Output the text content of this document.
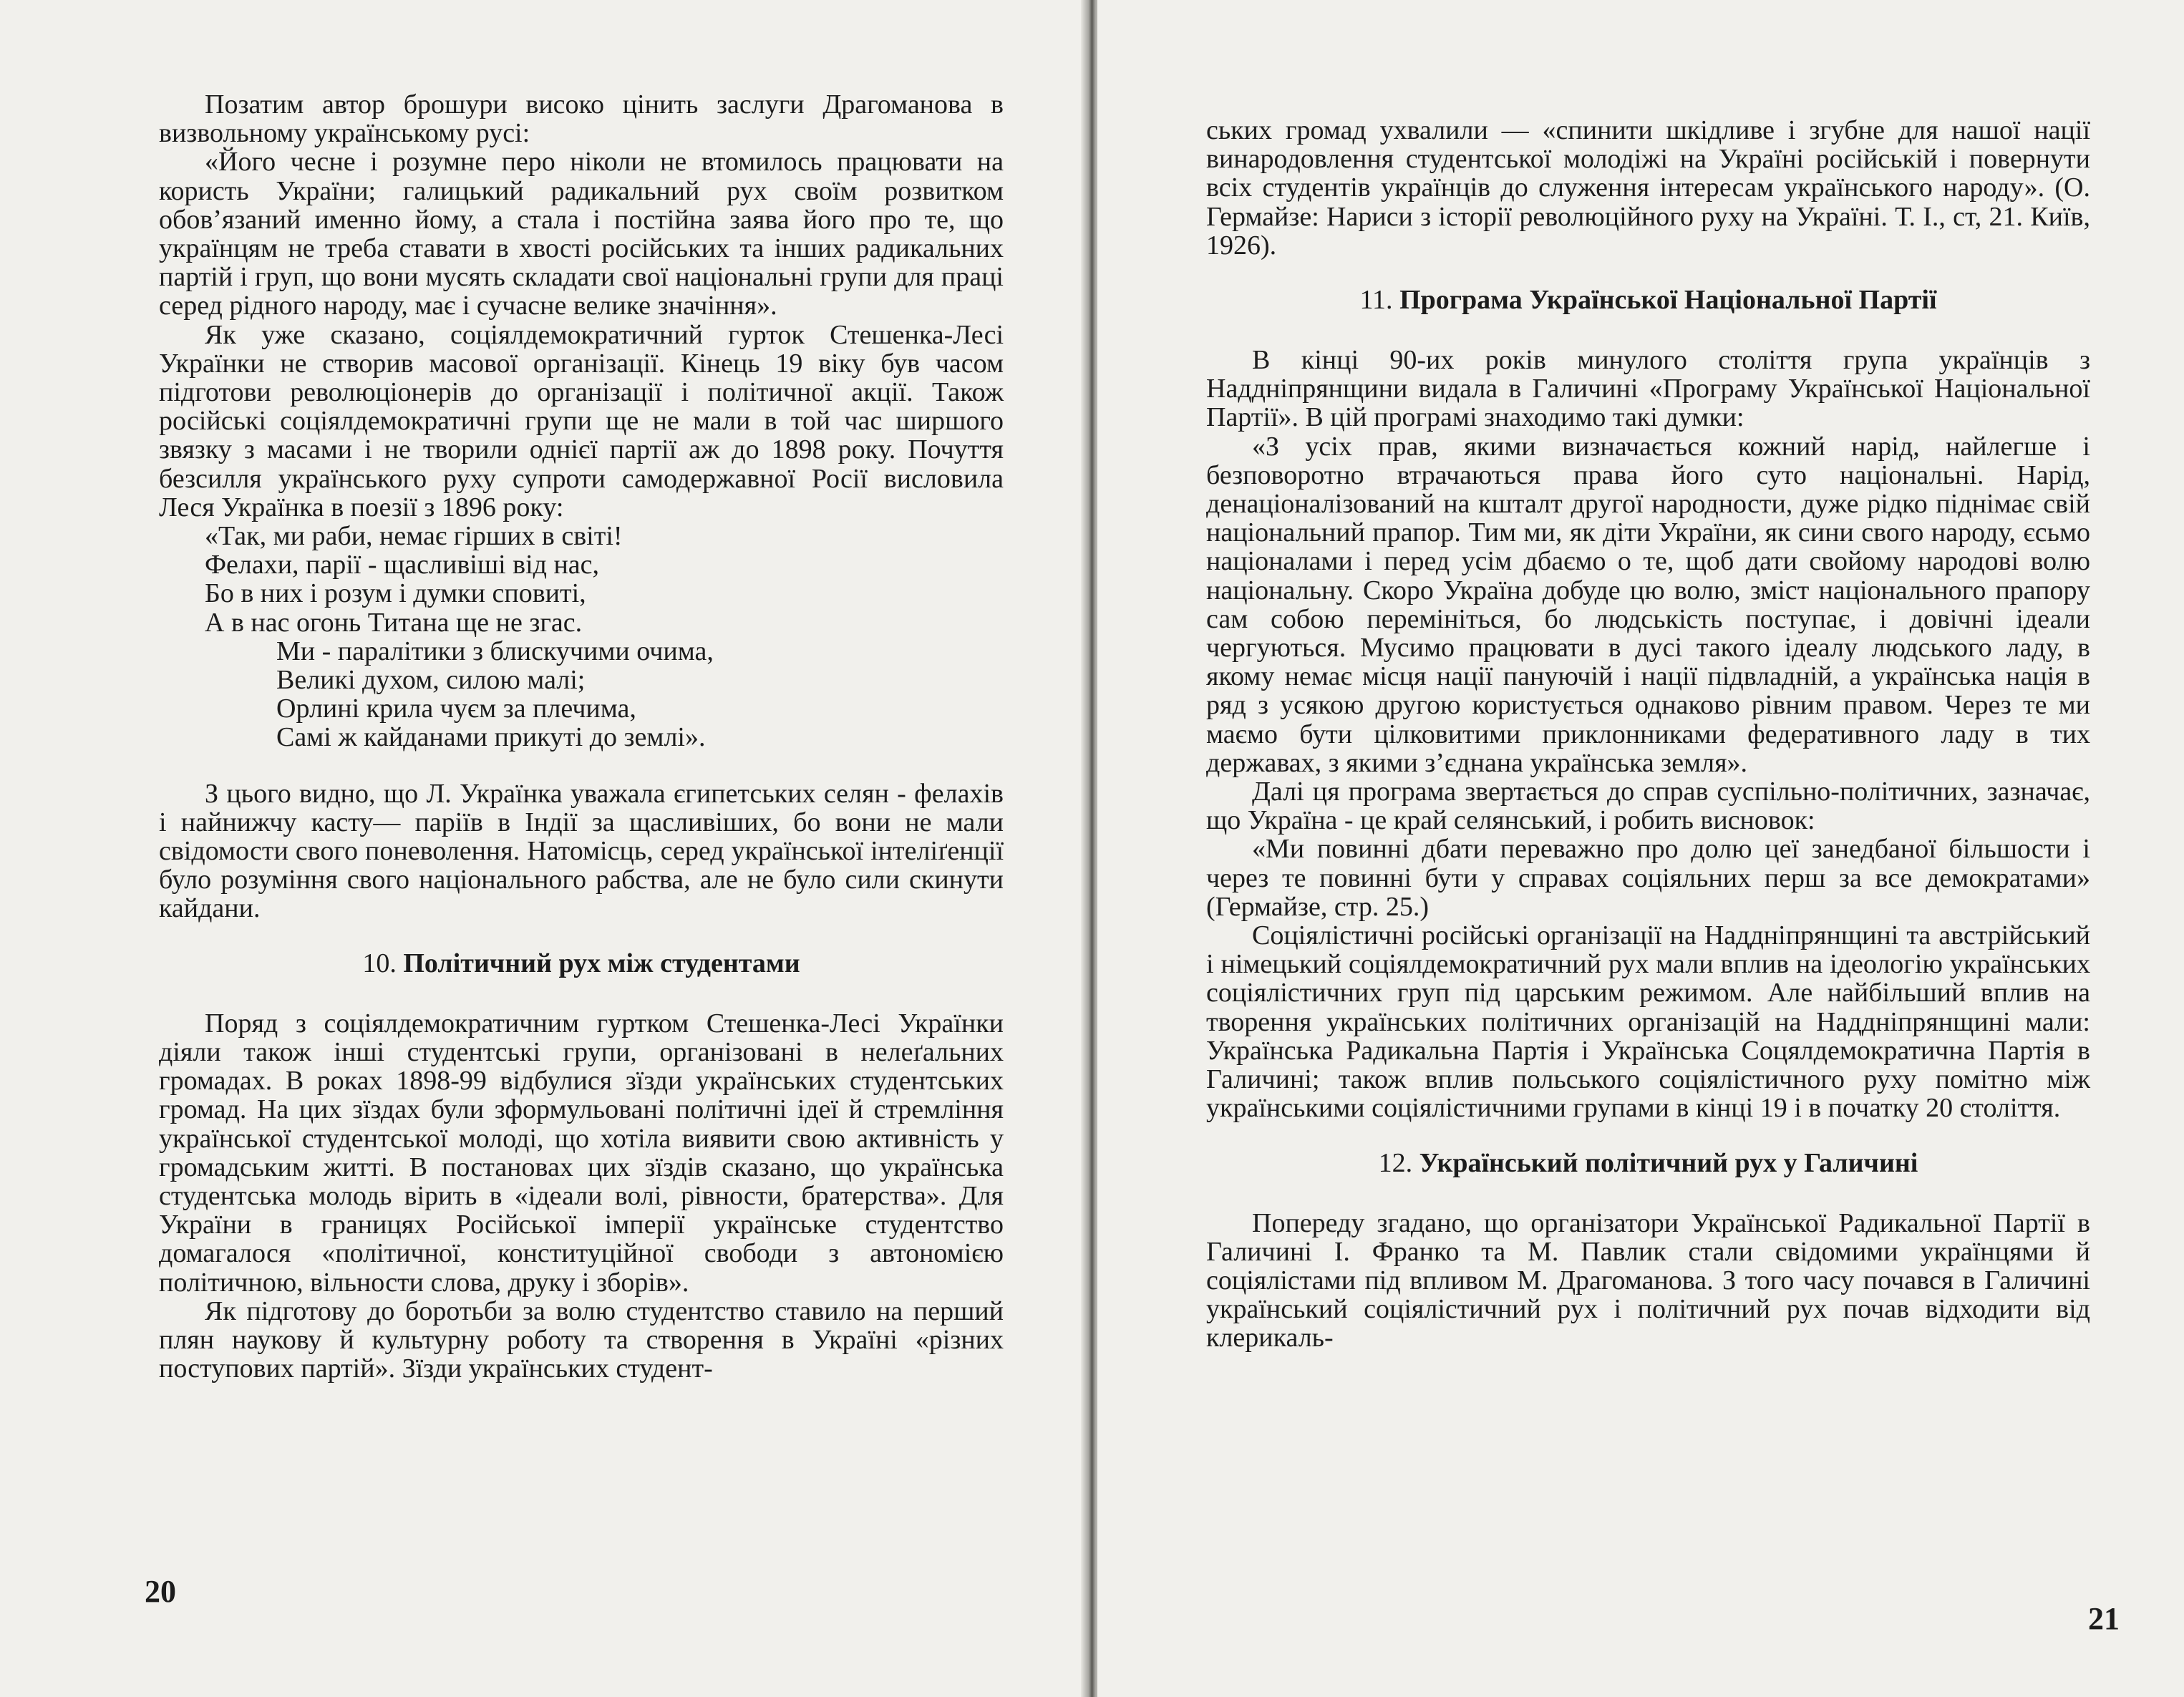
Позатим автор брошури високо цінить заслуги Драгоманова в визвольному українському русі:

«Його чесне і розумне перо ніколи не втомилось працювати на користь України; галицький радикальний рух своїм розвитком обов’язаний именно йому, а стала і постійна заява його про те, що українцям не треба ставати в хвості російських та інших радикальних партій і груп, що вони мусять складати свої національні групи для праці серед рідного народу, має і сучасне велике значіння».

Як уже сказано, соціялдемократичний гурток Стешенка-Лесі Українки не створив масової організації. Кінець 19 віку був часом підготови революціонерів до організації і політичної акції. Також російські соціялдемократичні групи ще не мали в той час ширшого звязку з масами і не творили однієї партії аж до 1898 року. Почуття безсилля українського руху супроти самодержавної Росії висловила Леся Українка в поезії з 1896 року:

«Так, ми раби, немає гірших в світі!
Фелахи, парії - щасливіші від нас,
Бо в них і розум і думки сповиті,
А в нас огонь Титана ще не згас.
Ми - паралітики з блискучими очима,
Великі духом, силою малі;
Орлині крила чуєм за плечима,
Самі ж кайданами прикуті до землі».

З цього видно, що Л. Українка уважала єгипетських селян - фелахів і найнижчу касту— паріїв в Індії за щасливіших, бо вони не мали свідомости свого поневолення. Натомісць, серед української інтеліґенції було розуміння свого національного рабства, але не було сили скинути кайдани.

10. Політичний рух між студентами

Поряд з соціялдемократичним гуртком Стешенка-Лесі Українки діяли також інші студентські групи, організовані в нелеґальних громадах. В роках 1898-99 відбулися зїзди українських студентських громад. На цих зїздах були зформульовані політичні ідеї й стремління української студентської молоді, що хотіла виявити свою активність у громадським житті. В постановах цих зїздів сказано, що українська студентська молодь вірить в «ідеали волі, рівности, братерства». Для України в границях Російської імперії українське студентство домагалося «політичної, конституційної свободи з автономією політичною, вільности слова, друку і зборів».

Як підготову до боротьби за волю студентство ставило на перший плян наукову й культурну роботу та створення в Україні «різних поступових партій». Зїзди українських студент-

20

ських громад ухвалили — «спинити шкідливе і згубне для нашої нації винародовлення студентської молодіжі на Україні російській і повернути всіх студентів українців до служення інтересам українського народу». (О. Гермайзе: Нариси з історії революційного руху на Україні. Т. І., ст, 21. Київ, 1926).

11. Програма Української Національної Партії

В кінці 90-их років минулого століття група українців з Наддніпрянщини видала в Галичині «Програму Української Національної Партії». В цій програмі знаходимо такі думки:

«З усіх прав, якими визначається кожний нарід, найлегше і безповоротно втрачаються права його суто національні. Нарід, денаціоналізований на кшталт другої народности, дуже рідко піднімає свій національний прапор. Тим ми, як діти України, як сини свого народу, єсьмо націоналами і перед усім дбаємо о те, щоб дати свойому народові волю національну. Скоро Україна добуде цю волю, зміст національного прапору сам собою перемініться, бо людськість поступає, і довічні ідеали чергуються. Мусимо працювати в дусі такого ідеалу людського ладу, в якому немає місця нації пануючій і нації підвладній, а українська нація в ряд з усякою другою користується однаково рівним правом. Через те ми маємо бути цілковитими приклонниками федеративного ладу в тих державах, з якими з’єднана українська земля».

Далі ця програма звертається до справ суспільно-політичних, зазначає, що Україна - це край селянський, і робить висновок:

«Ми повинні дбати переважно про долю цеї занедбаної більшости і через те повинні бути у справах соціяльних перш за все демократами» (Гермайзе, стр. 25.)

Соціялістичні російські організації на Наддніпрянщині та австрійський і німецький соціялдемократичний рух мали вплив на ідеологію українських соціялістичних груп під царським режимом. Але найбільший вплив на творення українських політичних організацій на Наддніпрянщині мали: Українська Радикальна Партія і Українська Соцялдемократична Партія в Галичині; також вплив польського соціялістичного руху помітно між українськими соціялістичними групами в кінці 19 і в початку 20 століття.

12. Український політичний рух у Галичині

Попереду згадано, що організатори Української Радикальної Партії в Галичині І. Франко та М. Павлик стали свідомими українцями й соціялістами під впливом М. Драгоманова. З того часу почався в Галичині український соціялістичний рух і політичний рух почав відходити від клерикаль-

21
